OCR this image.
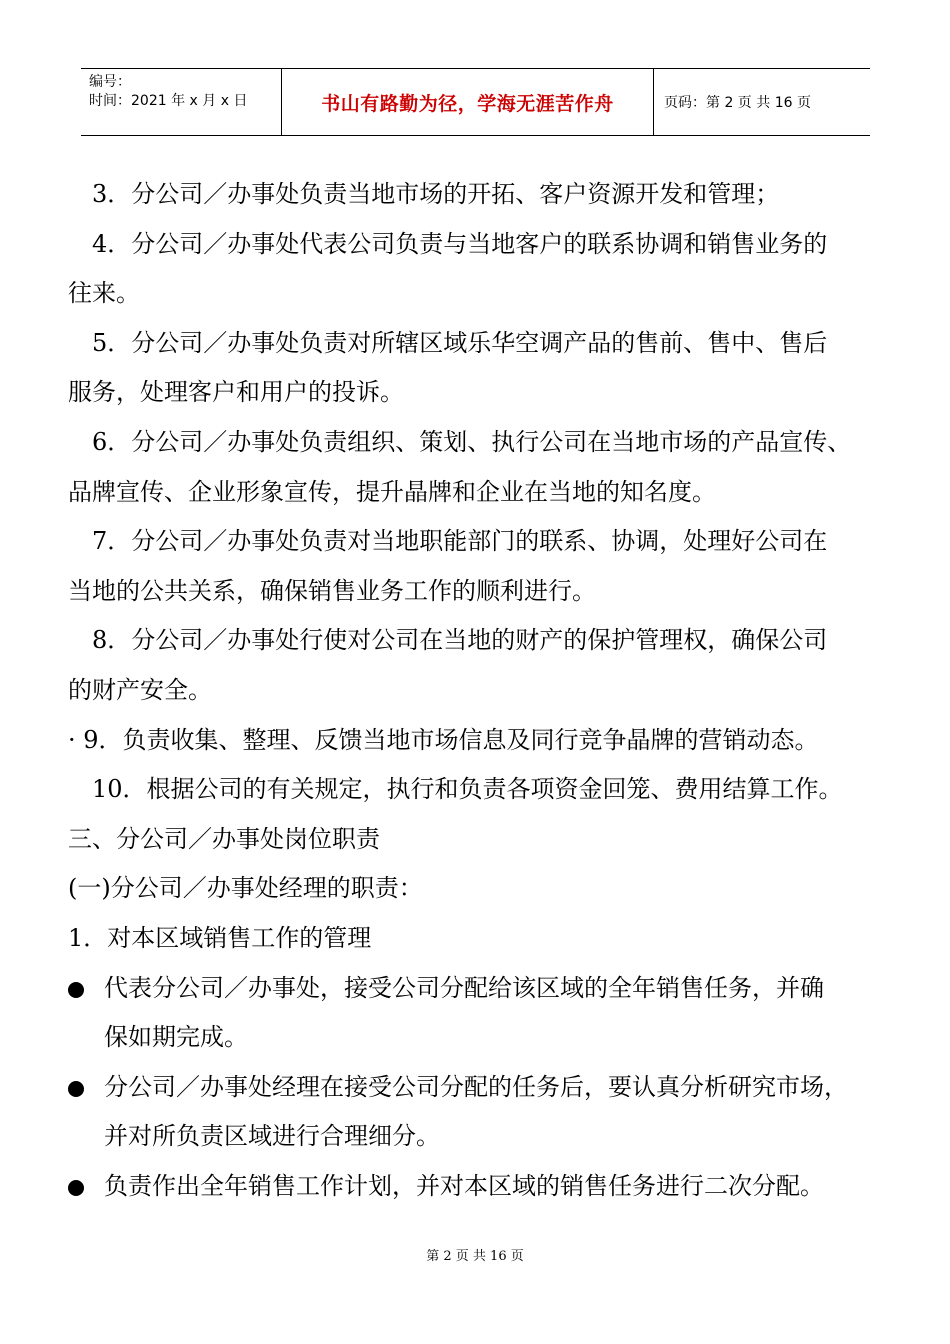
编号：
时间：2021 年 x 月 x 日	书山有路勤为径，学海无涯苦作舟	页码：第 2 页 共 16 页

3．分公司／办事处负责当地市场的开拓、客户资源开发和管理；

4．分公司／办事处代表公司负责与当地客户的联系协调和销售业务的

往来。

5．分公司／办事处负责对所辖区域乐华空调产品的售前、售中、售后

服务，处理客户和用户的投诉。

6．分公司／办事处负责组织、策划、执行公司在当地市场的产品宣传、

品牌宣传、企业形象宣传，提升晶牌和企业在当地的知名度。

7．分公司／办事处负责对当地职能部门的联系、协调，处理好公司在

当地的公共关系，确保销售业务工作的顺利进行。

8．分公司／办事处行使对公司在当地的财产的保护管理权，确保公司

的财产安全。

· 9．负责收集、整理、反馈当地市场信息及同行竞争晶牌的营销动态。

10．根据公司的有关规定，执行和负责各项资金回笼、费用结算工作。

三、分公司／办事处岗位职责

(一)分公司／办事处经理的职责：

1．对本区域销售工作的管理

代表分公司／办事处，接受公司分配给该区域的全年销售任务，并确
保如期完成。
分公司／办事处经理在接受公司分配的任务后，要认真分析研究市场，
并对所负责区域进行合理细分。
负责作出全年销售工作计划，并对本区域的销售任务进行二次分配。
第 2 页 共 16 页
